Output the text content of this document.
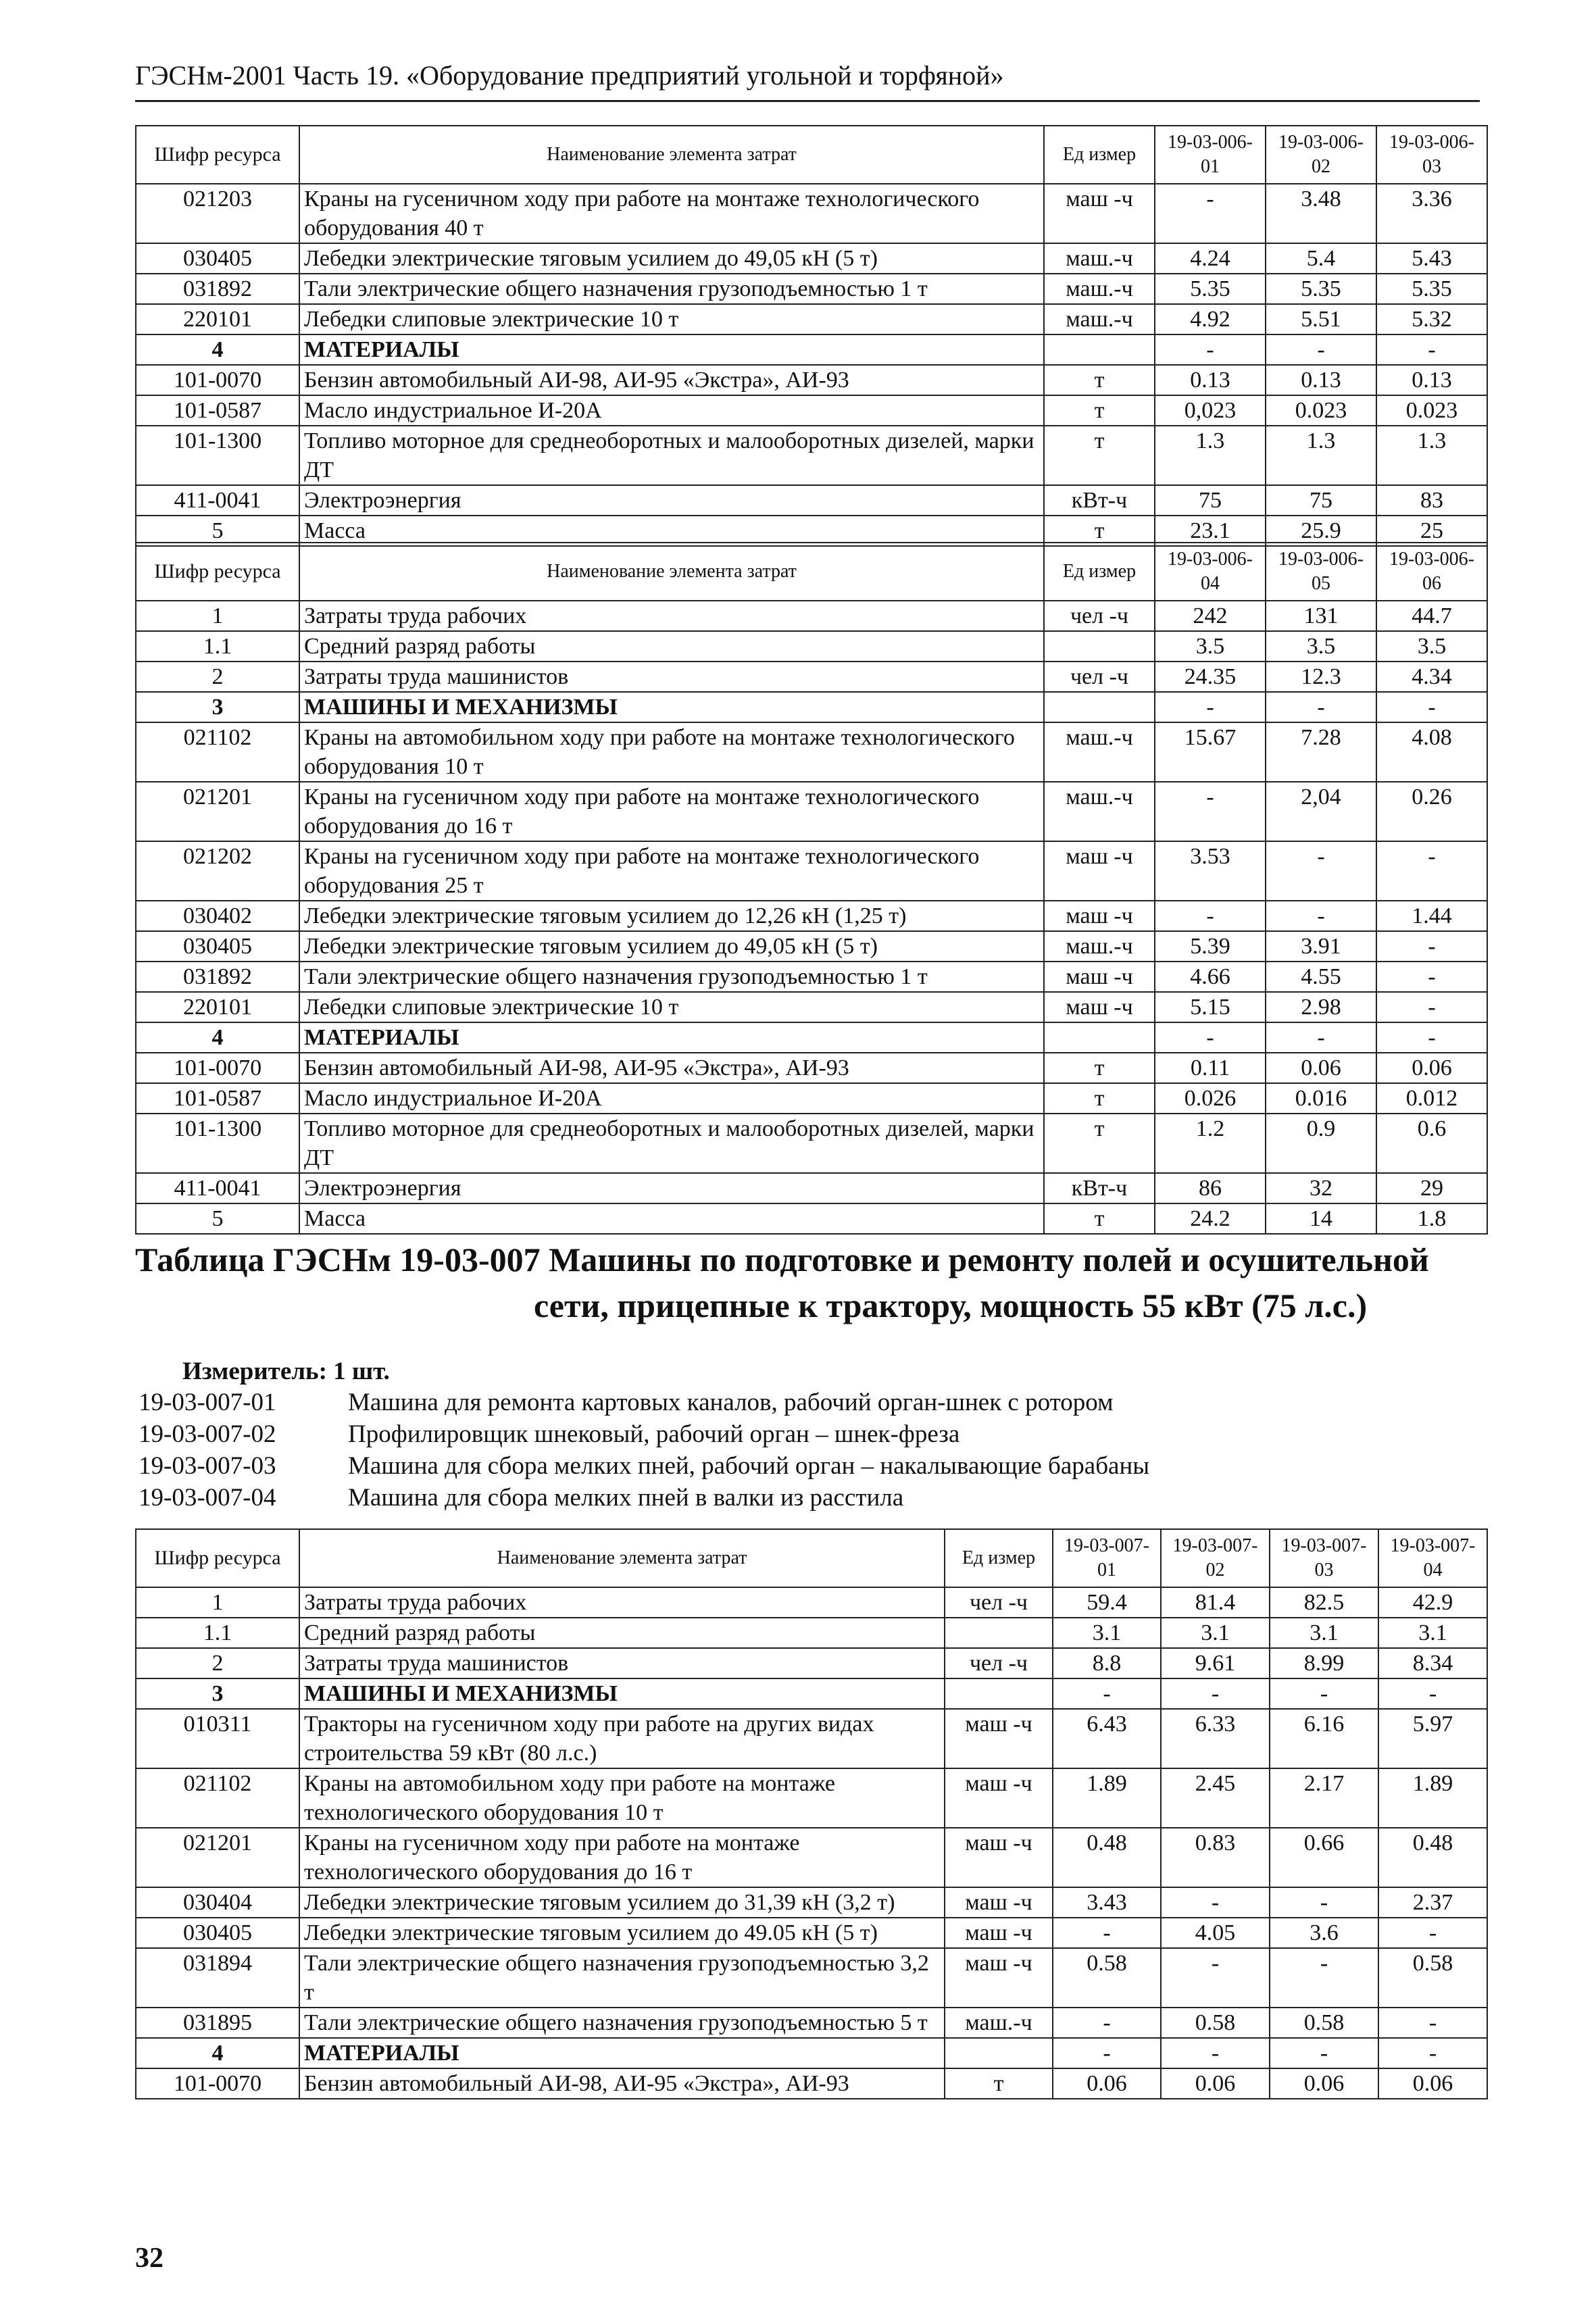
ГЭСНм-2001 Часть 19. «Оборудование предприятий угольной и торфяной»
Шифр ресурса	Наименование элемента затрат	Ед измер	19-03-006-01	19-03-006-02	19-03-006-03
021203	Краны на гусеничном ходу при работе на монтаже технологического оборудования 40 т	маш -ч	-	3.48	3.36
030405	Лебедки электрические тяговым усилием до 49,05 кН (5 т)	маш.-ч	4.24	5.4	5.43
031892	Тали электрические общего назначения грузоподъемностью 1 т	маш.-ч	5.35	5.35	5.35
220101	Лебедки слиповые электрические 10 т	маш.-ч	4.92	5.51	5.32
4	МАТЕРИАЛЫ		-	-	-
101-0070	Бензин автомобильный АИ-98, АИ-95 «Экстра», АИ-93	т	0.13	0.13	0.13
101-0587	Масло индустриальное И-20А	т	0,023	0.023	0.023
101-1300	Топливо моторное для среднеоборотных и малооборотных дизелей, марки ДТ	т	1.3	1.3	1.3
411-0041	Электроэнергия	кВт-ч	75	75	83
5	Масса	т	23.1	25.9	25
Шифр ресурса	Наименование элемента затрат	Ед измер	19-03-006-04	19-03-006-05	19-03-006-06
1	Затраты труда рабочих	чел -ч	242	131	44.7
1.1	Средний разряд работы		3.5	3.5	3.5
2	Затраты труда машинистов	чел -ч	24.35	12.3	4.34
3	МАШИНЫ И МЕХАНИЗМЫ		-	-	-
021102	Краны на автомобильном ходу при работе на монтаже технологического оборудования 10 т	маш.-ч	15.67	7.28	4.08
021201	Краны на гусеничном ходу при работе на монтаже технологического оборудования до 16 т	маш.-ч	-	2,04	0.26
021202	Краны на гусеничном ходу при работе на монтаже технологического оборудования 25 т	маш -ч	3.53	-	-
030402	Лебедки электрические тяговым усилием до 12,26 кН (1,25 т)	маш -ч	-	-	1.44
030405	Лебедки электрические тяговым усилием до 49,05 кН (5 т)	маш.-ч	5.39	3.91	-
031892	Тали электрические общего назначения грузоподъемностью 1 т	маш -ч	4.66	4.55	-
220101	Лебедки слиповые электрические 10 т	маш -ч	5.15	2.98	-
4	МАТЕРИАЛЫ		-	-	-
101-0070	Бензин автомобильный АИ-98, АИ-95 «Экстра», АИ-93	т	0.11	0.06	0.06
101-0587	Масло индустриальное И-20А	т	0.026	0.016	0.012
101-1300	Топливо моторное для среднеоборотных и малооборотных дизелей, марки ДТ	т	1.2	0.9	0.6
411-0041	Электроэнергия	кВт-ч	86	32	29
5	Масса	т	24.2	14	1.8
Таблица ГЭСНм 19-03-007 Машины по подготовке и ремонту полей и осушительной
сети, прицепные к трактору, мощность 55 кВт (75 л.с.)
Измеритель: 1 шт.
19-03-007-01	Машина для ремонта картовых каналов, рабочий орган-шнек с ротором
19-03-007-02	Профилировщик шнековый, рабочий орган – шнек-фреза
19-03-007-03	Машина для сбора мелких пней, рабочий орган – накалывающие барабаны
19-03-007-04	Машина для сбора мелких пней в валки из расстила
Шифр ресурса	Наименование элемента затрат	Ед измер	19-03-007-01	19-03-007-02	19-03-007-03	19-03-007-04
1	Затраты труда рабочих	чел -ч	59.4	81.4	82.5	42.9
1.1	Средний разряд работы		3.1	3.1	3.1	3.1
2	Затраты труда машинистов	чел -ч	8.8	9.61	8.99	8.34
3	МАШИНЫ И МЕХАНИЗМЫ		-	-	-	-
010311	Тракторы на гусеничном ходу при работе на других видах строительства 59 кВт (80 л.с.)	маш -ч	6.43	6.33	6.16	5.97
021102	Краны на автомобильном ходу при работе на монтаже технологического оборудования 10 т	маш -ч	1.89	2.45	2.17	1.89
021201	Краны на гусеничном ходу при работе на монтаже технологического оборудования до 16 т	маш -ч	0.48	0.83	0.66	0.48
030404	Лебедки электрические тяговым усилием до 31,39 кН (3,2 т)	маш -ч	3.43	-	-	2.37
030405	Лебедки электрические тяговым усилием до 49.05 кН (5 т)	маш -ч	-	4.05	3.6	-
031894	Тали электрические общего назначения грузоподъемностью 3,2 т	маш -ч	0.58	-	-	0.58
031895	Тали электрические общего назначения грузоподъемностью 5 т	маш.-ч	-	0.58	0.58	-
4	МАТЕРИАЛЫ		-	-	-	-
101-0070	Бензин автомобильный АИ-98, АИ-95 «Экстра», АИ-93	т	0.06	0.06	0.06	0.06
32
